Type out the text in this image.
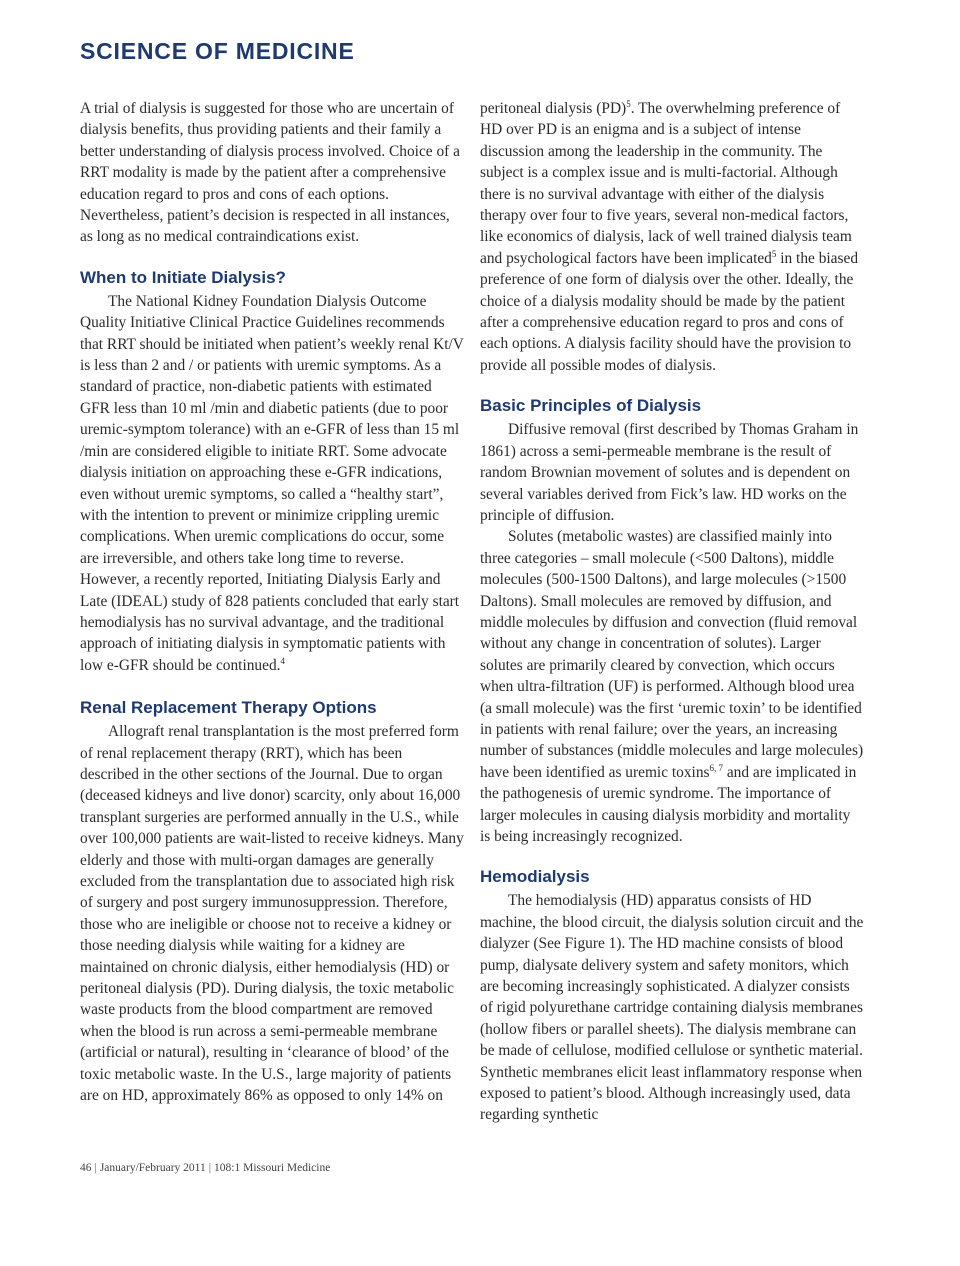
SCIENCE OF MEDICINE

A trial of dialysis is suggested for those who are uncertain of dialysis benefits, thus providing patients and their family a better understanding of dialysis process involved. Choice of a RRT modality is made by the patient after a comprehensive education regard to pros and cons of each options. Nevertheless, patient’s decision is respected in all instances, as long as no medical contraindications exist.

When to Initiate Dialysis?

The National Kidney Foundation Dialysis Outcome Quality Initiative Clinical Practice Guidelines recommends that RRT should be initiated when patient’s weekly renal Kt/V is less than 2 and / or patients with uremic symptoms. As a standard of practice, non-diabetic patients with estimated GFR less than 10 ml /min and diabetic patients (due to poor uremic-symptom tolerance) with an e-GFR of less than 15 ml /min are considered eligible to initiate RRT. Some advocate dialysis initiation on approaching these e-GFR indications, even without uremic symptoms, so called a “healthy start”, with the intention to prevent or minimize crippling uremic complications. When uremic complications do occur, some are irreversible, and others take long time to reverse. However, a recently reported, Initiating Dialysis Early and Late (IDEAL) study of 828 patients concluded that early start hemodialysis has no survival advantage, and the traditional approach of initiating dialysis in symptomatic patients with low e-GFR should be continued.$^4$

Renal Replacement Therapy Options

Allograft renal transplantation is the most preferred form of renal replacement therapy (RRT), which has been described in the other sections of the Journal. Due to organ (deceased kidneys and live donor) scarcity, only about 16,000 transplant surgeries are performed annually in the U.S., while over 100,000 patients are wait-listed to receive kidneys. Many elderly and those with multi-organ damages are generally excluded from the transplantation due to associated high risk of surgery and post surgery immunosuppression. Therefore, those who are ineligible or choose not to receive a kidney or those needing dialysis while waiting for a kidney are maintained on chronic dialysis, either hemodialysis (HD) or peritoneal dialysis (PD). During dialysis, the toxic metabolic waste products from the blood compartment are removed when the blood is run across a semi-permeable membrane (artificial or natural), resulting in ‘clearance of blood’ of the toxic metabolic waste. In the U.S., large majority of patients are on HD, approximately 86% as opposed to only 14% on

peritoneal dialysis (PD)$^5$. The overwhelming preference of HD over PD is an enigma and is a subject of intense discussion among the leadership in the community. The subject is a complex issue and is multi-factorial. Although there is no survival advantage with either of the dialysis therapy over four to five years, several non-medical factors, like economics of dialysis, lack of well trained dialysis team and psychological factors have been implicated$^5$ in the biased preference of one form of dialysis over the other. Ideally, the choice of a dialysis modality should be made by the patient after a comprehensive education regard to pros and cons of each options. A dialysis facility should have the provision to provide all possible modes of dialysis.

Basic Principles of Dialysis

Diffusive removal (first described by Thomas Graham in 1861) across a semi-permeable membrane is the result of random Brownian movement of solutes and is dependent on several variables derived from Fick’s law. HD works on the principle of diffusion.

Solutes (metabolic wastes) are classified mainly into three categories – small molecule (<500 Daltons), middle molecules (500-1500 Daltons), and large molecules (>1500 Daltons). Small molecules are removed by diffusion, and middle molecules by diffusion and convection (fluid removal without any change in concentration of solutes). Larger solutes are primarily cleared by convection, which occurs when ultra-filtration (UF) is performed. Although blood urea (a small molecule) was the first ‘uremic toxin’ to be identified in patients with renal failure; over the years, an increasing number of substances (middle molecules and large molecules) have been identified as uremic toxins$^{6, 7}$ and are implicated in the pathogenesis of uremic syndrome. The importance of larger molecules in causing dialysis morbidity and mortality is being increasingly recognized.

Hemodialysis

The hemodialysis (HD) apparatus consists of HD machine, the blood circuit, the dialysis solution circuit and the dialyzer (See Figure 1). The HD machine consists of blood pump, dialysate delivery system and safety monitors, which are becoming increasingly sophisticated. A dialyzer consists of rigid polyurethane cartridge containing dialysis membranes (hollow fibers or parallel sheets). The dialysis membrane can be made of cellulose, modified cellulose or synthetic material. Synthetic membranes elicit least inflammatory response when exposed to patient’s blood. Although increasingly used, data regarding synthetic

46 | January/February 2011 | 108:1 Missouri Medicine
